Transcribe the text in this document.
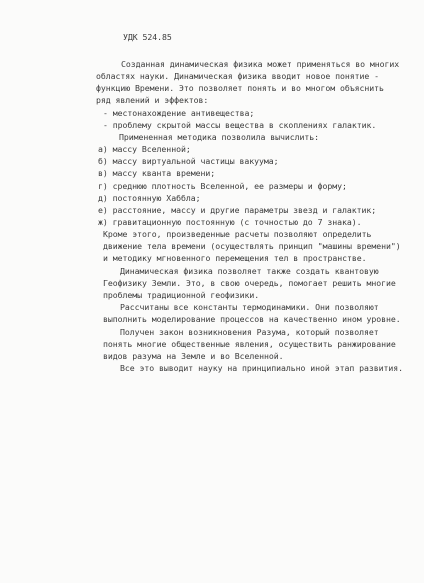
УДК 524.85

Созданная динамическая физика может применяться во многих

областях науки. Динамическая физика вводит новое понятие -

функцию Времени. Это позволяет понять и во многом объяснить

ряд явлений и эффектов:

- местонахождение антивещества;

- проблему скрытой массы вещества в скоплениях галактик.

Примененная методика позволила вычислить:

а) массу Вселенной;

б) массу виртуальной частицы вакуума;

в) массу кванта времени;

г) среднюю плотность Вселенной, ее размеры и форму;

д) постоянную Хаббла;

е) расстояние, массу и другие параметры звезд и галактик;

ж) гравитационную постоянную (с точностью до 7 знака).

Кроме этого, произведенные расчеты позволяют определить

движение тела времени (осуществлять принцип "машины времени")

и методику мгновенного перемещения тел в пространстве.

Динамическая физика позволяет также создать квантовую

Геофизику Земли. Это, в свою очередь, помогает решить многие

проблемы традиционной геофизики.

Рассчитаны все константы термодинамики. Они позволяют

выполнить моделирование процессов на качественно ином уровне.

Получен закон возникновения Разума, который позволяет

понять многие общественные явления, осуществить ранжирование

видов разума на Земле и во Вселенной.

Все это выводит науку на принципиально иной этап развития.
